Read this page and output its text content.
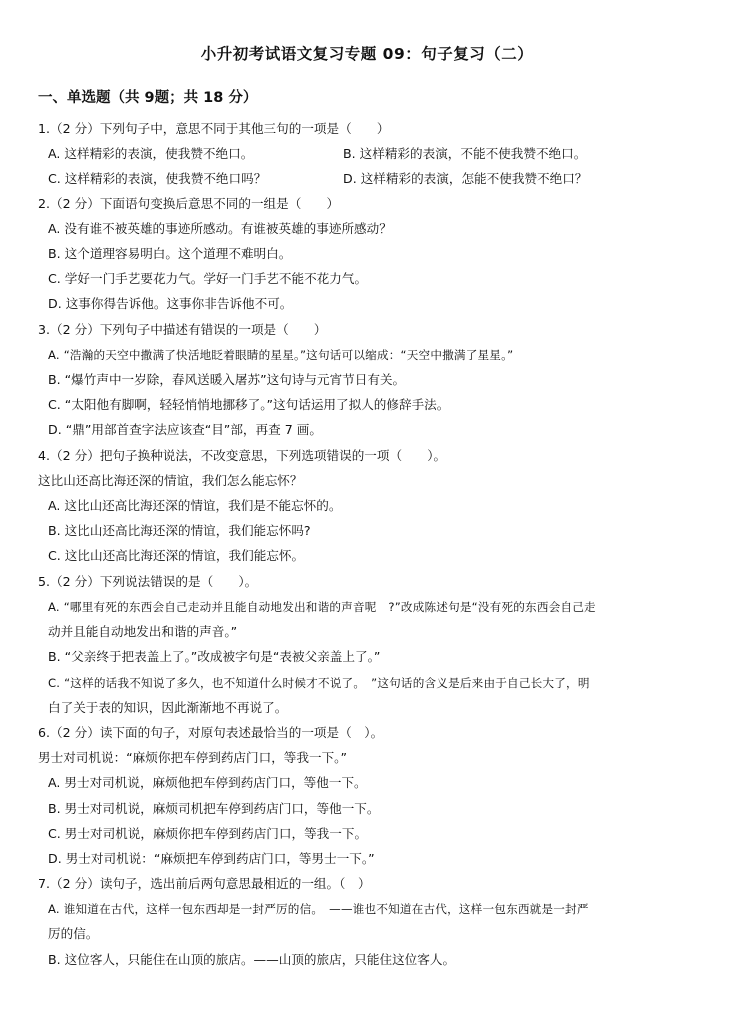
小升初考试语文复习专题 09：句子复习（二）
一、单选题（共 9题；共 18 分）
1.（2 分）下列句子中，意思不同于其他三句的一项是（　　）
A. 这样精彩的表演，使我赞不绝口。	B. 这样精彩的表演，不能不使我赞不绝口。
C. 这样精彩的表演，使我赞不绝口吗？	D. 这样精彩的表演，怎能不使我赞不绝口？
2.（2 分）下面语句变换后意思不同的一组是（　　）
A. 没有谁不被英雄的事迹所感动。有谁被英雄的事迹所感动？
B. 这个道理容易明白。这个道理不难明白。
C. 学好一门手艺要花力气。学好一门手艺不能不花力气。
D. 这事你得告诉他。这事你非告诉他不可。
3.（2 分）下列句子中描述有错误的一项是（　　）
A. “浩瀚的天空中撒满了快活地眨着眼睛的星星。”这句话可以缩成：“天空中撒满了星星。”
B. “爆竹声中一岁除，春风送暖入屠苏”这句诗与元宵节日有关。
C. “太阳他有脚啊，轻轻悄悄地挪移了。”这句话运用了拟人的修辞手法。
D. “鼎”用部首查字法应该查“目”部，再查 7 画。
4.（2 分）把句子换种说法，不改变意思，下列选项错误的一项（　　）。
这比山还高比海还深的情谊，我们怎么能忘怀？
A. 这比山还高比海还深的情谊，我们是不能忘怀的。
B. 这比山还高比海还深的情谊，我们能忘怀吗?
C. 这比山还高比海还深的情谊，我们能忘怀。
5.（2 分）下列说法错误的是（　　）。
A. “哪里有死的东西会自己走动并且能自动地发出和谐的声音呢　?”改成陈述句是“没有死的东西会自己走
动并且能自动地发出和谐的声音。”
B. “父亲终于把表盖上了。”改成被字句是“表被父亲盖上了。”
C. “这样的话我不知说了多久，也不知道什么时候才不说了。　”这句话的含义是后来由于自己长大了，明
白了关于表的知识，因此渐渐地不再说了。
6.（2 分）读下面的句子，对原句表述最恰当的一项是（　）。
男士对司机说：“麻烦你把车停到药店门口，等我一下。”
A. 男士对司机说，麻烦他把车停到药店门口，等他一下。
B. 男士对司机说，麻烦司机把车停到药店门口，等他一下。
C. 男士对司机说，麻烦你把车停到药店门口，等我一下。
D. 男士对司机说：“麻烦把车停到药店门口，等男士一下。”
7.（2 分）读句子，选出前后两句意思最相近的一组。（　）
A. 谁知道在古代，这样一包东西却是一封严厉的信。　——谁也不知道在古代，这样一包东西就是一封严
厉的信。
B. 这位客人，只能住在山顶的旅店。——山顶的旅店，只能住这位客人。
